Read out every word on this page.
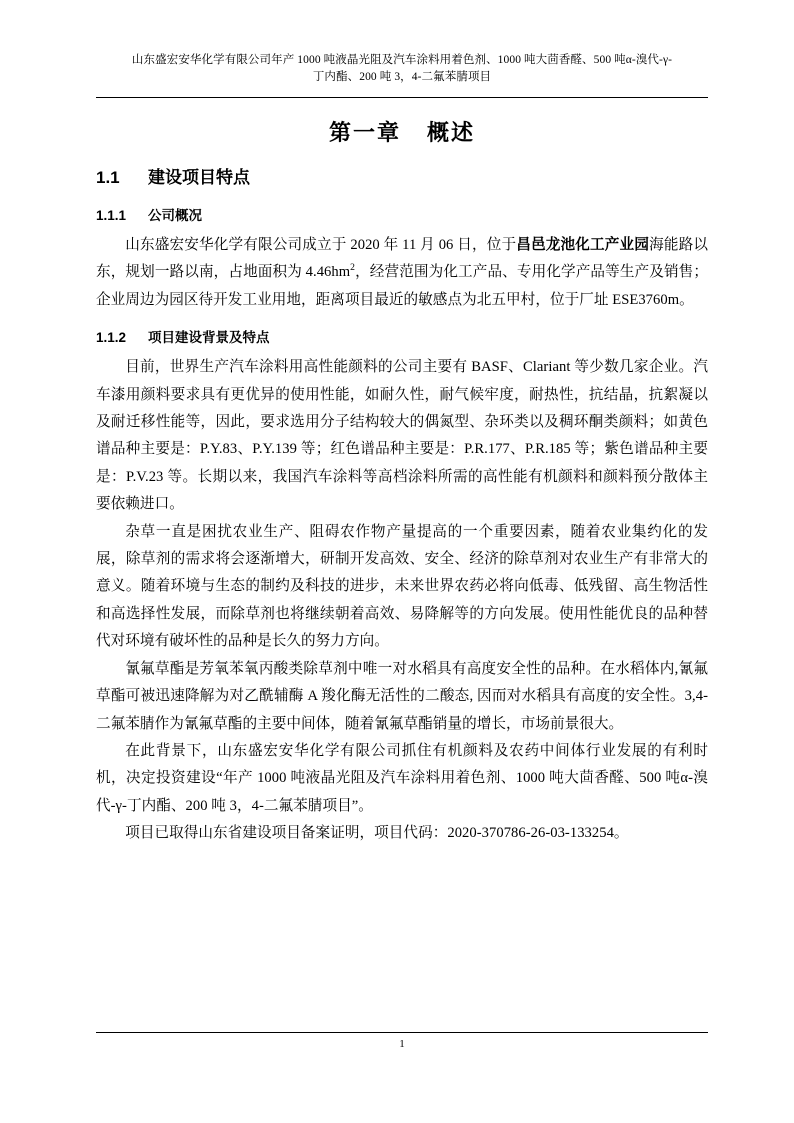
山东盛宏安华化学有限公司年产 1000 吨液晶光阻及汽车涂料用着色剂、1000 吨大茴香醛、500 吨α-溴代-γ-
丁内酯、200 吨 3，4-二氟苯腈项目
第一章 概述
1.1 建设项目特点
1.1.1 公司概况

山东盛宏安华化学有限公司成立于 2020 年 11 月 06 日，位于昌邑龙池化工产业园海能路以东，规划一路以南，占地面积为 $4.46hm^2$，经营范围为化工产品、专用化学产品等生产及销售；企业周边为园区待开发工业用地，距离项目最近的敏感点为北五甲村，位于厂址 ESE3760m。

1.1.2 项目建设背景及特点

目前，世界生产汽车涂料用高性能颜料的公司主要有 BASF、Clariant 等少数几家企业。汽车漆用颜料要求具有更优异的使用性能，如耐久性，耐气候牢度，耐热性，抗结晶，抗絮凝以及耐迁移性能等，因此，要求选用分子结构较大的偶氮型、杂环类以及稠环酮类颜料；如黄色谱品种主要是：P.Y.83、P.Y.139 等；红色谱品种主要是：P.R.177、P.R.185 等；紫色谱品种主要是：P.V.23 等。长期以来，我国汽车涂料等高档涂料所需的高性能有机颜料和颜料预分散体主要依赖进口。

杂草一直是困扰农业生产、阻碍农作物产量提高的一个重要因素，随着农业集约化的发展，除草剂的需求将会逐渐增大，研制开发高效、安全、经济的除草剂对农业生产有非常大的意义。随着环境与生态的制约及科技的进步，未来世界农药必将向低毒、低残留、高生物活性和高选择性发展，而除草剂也将继续朝着高效、易降解等的方向发展。使用性能优良的品种替代对环境有破坏性的品种是长久的努力方向。

氰氟草酯是芳氧苯氧丙酸类除草剂中唯一对水稻具有高度安全性的品种。在水稻体内,氰氟草酯可被迅速降解为对乙酰辅酶 A 羧化酶无活性的二酸态, 因而对水稻具有高度的安全性。3,4-二氟苯腈作为氰氟草酯的主要中间体，随着氰氟草酯销量的增长，市场前景很大。

在此背景下，山东盛宏安华化学有限公司抓住有机颜料及农药中间体行业发展的有利时机，决定投资建设“年产 1000 吨液晶光阻及汽车涂料用着色剂、1000 吨大茴香醛、500 吨α-溴代-γ-丁内酯、200 吨 3，4-二氟苯腈项目”。

项目已取得山东省建设项目备案证明，项目代码：2020-370786-26-03-133254。

1
